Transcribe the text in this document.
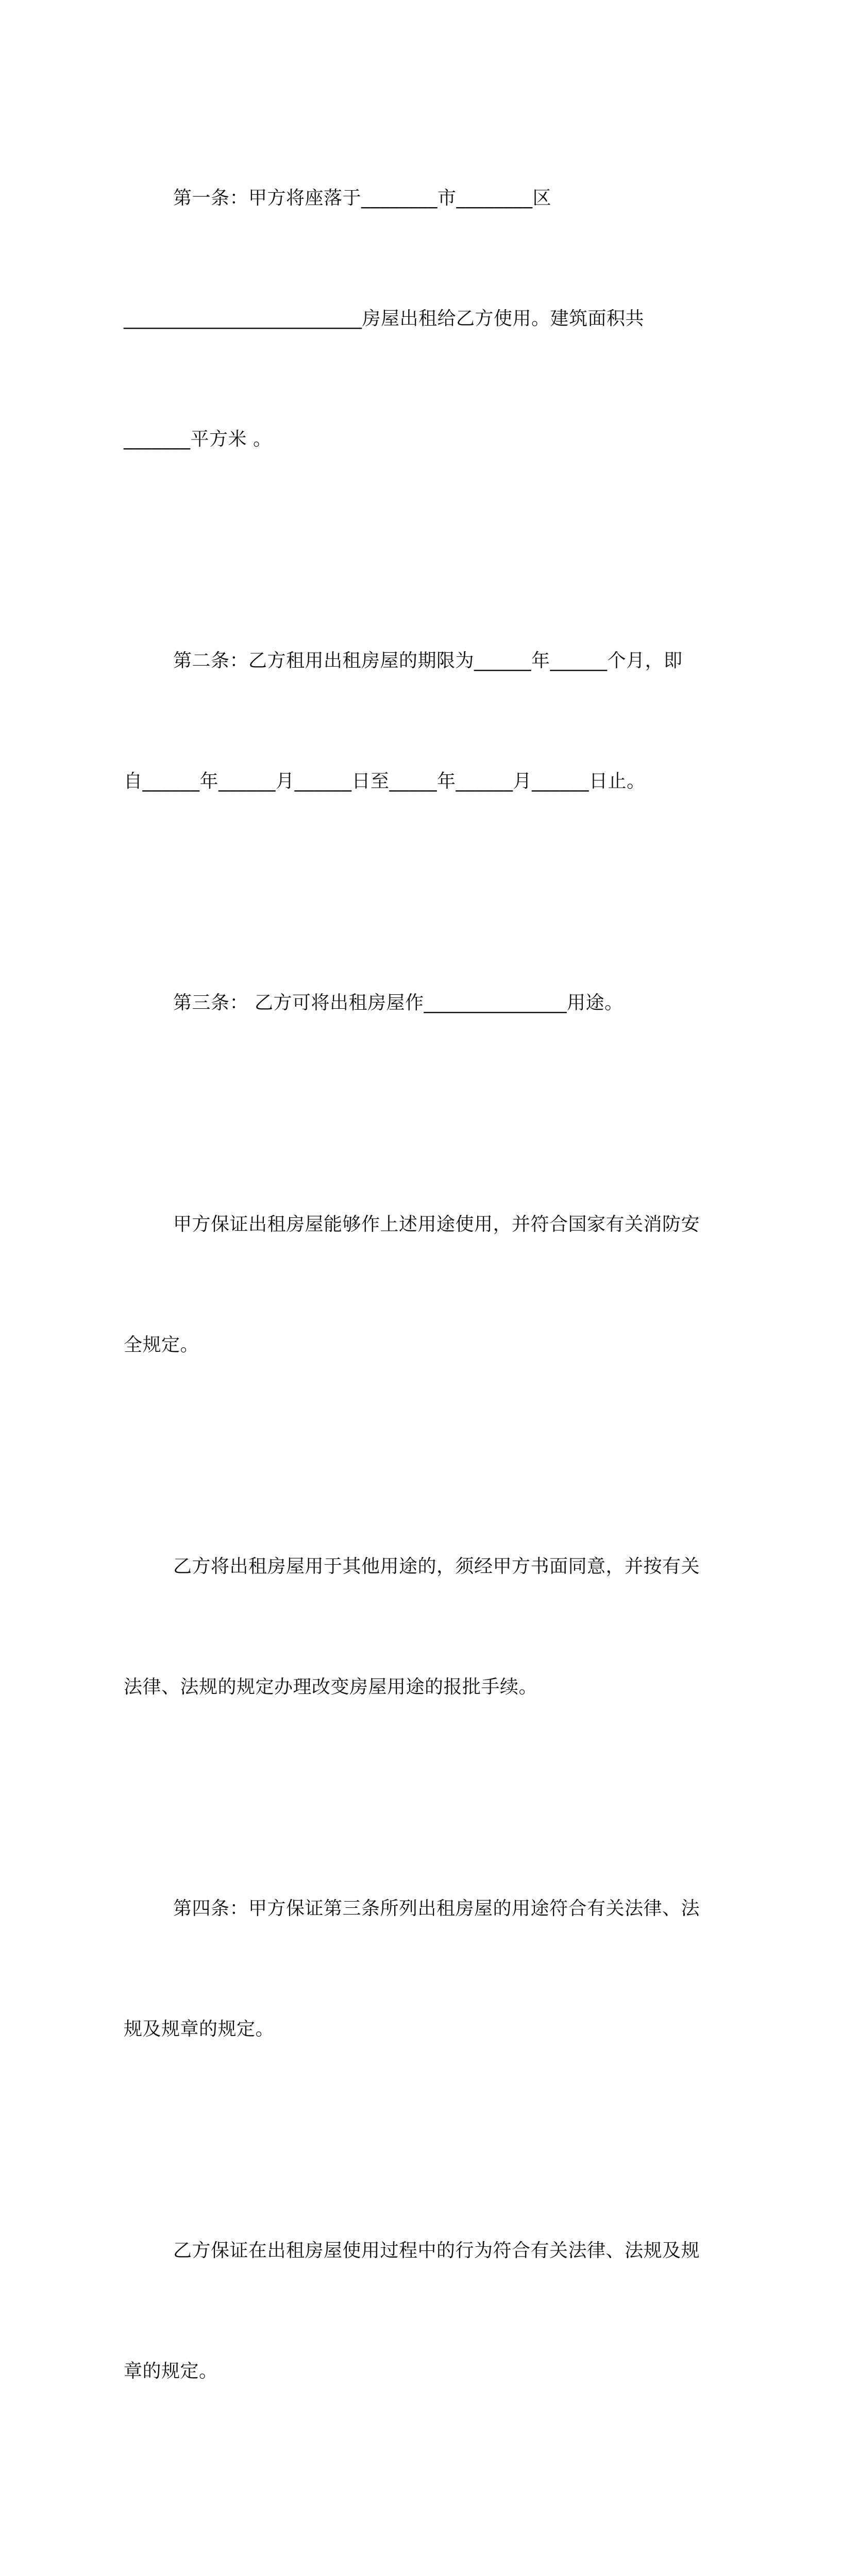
第一条：甲方将座落于________市________区

_________________________房屋出租给乙方使用。建筑面积共

_______平方米 。

第二条：乙方租用出租房屋的期限为______年______个月，即

自______年______月______日至_____年______月______日止。

第三条： 乙方可将出租房屋作_______________用途。

甲方保证出租房屋能够作上述用途使用，并符合国家有关消防安

全规定。

乙方将出租房屋用于其他用途的，须经甲方书面同意，并按有关

法律、法规的规定办理改变房屋用途的报批手续。

第四条：甲方保证第三条所列出租房屋的用途符合有关法律、法

规及规章的规定。

乙方保证在出租房屋使用过程中的行为符合有关法律、法规及规

章的规定。
